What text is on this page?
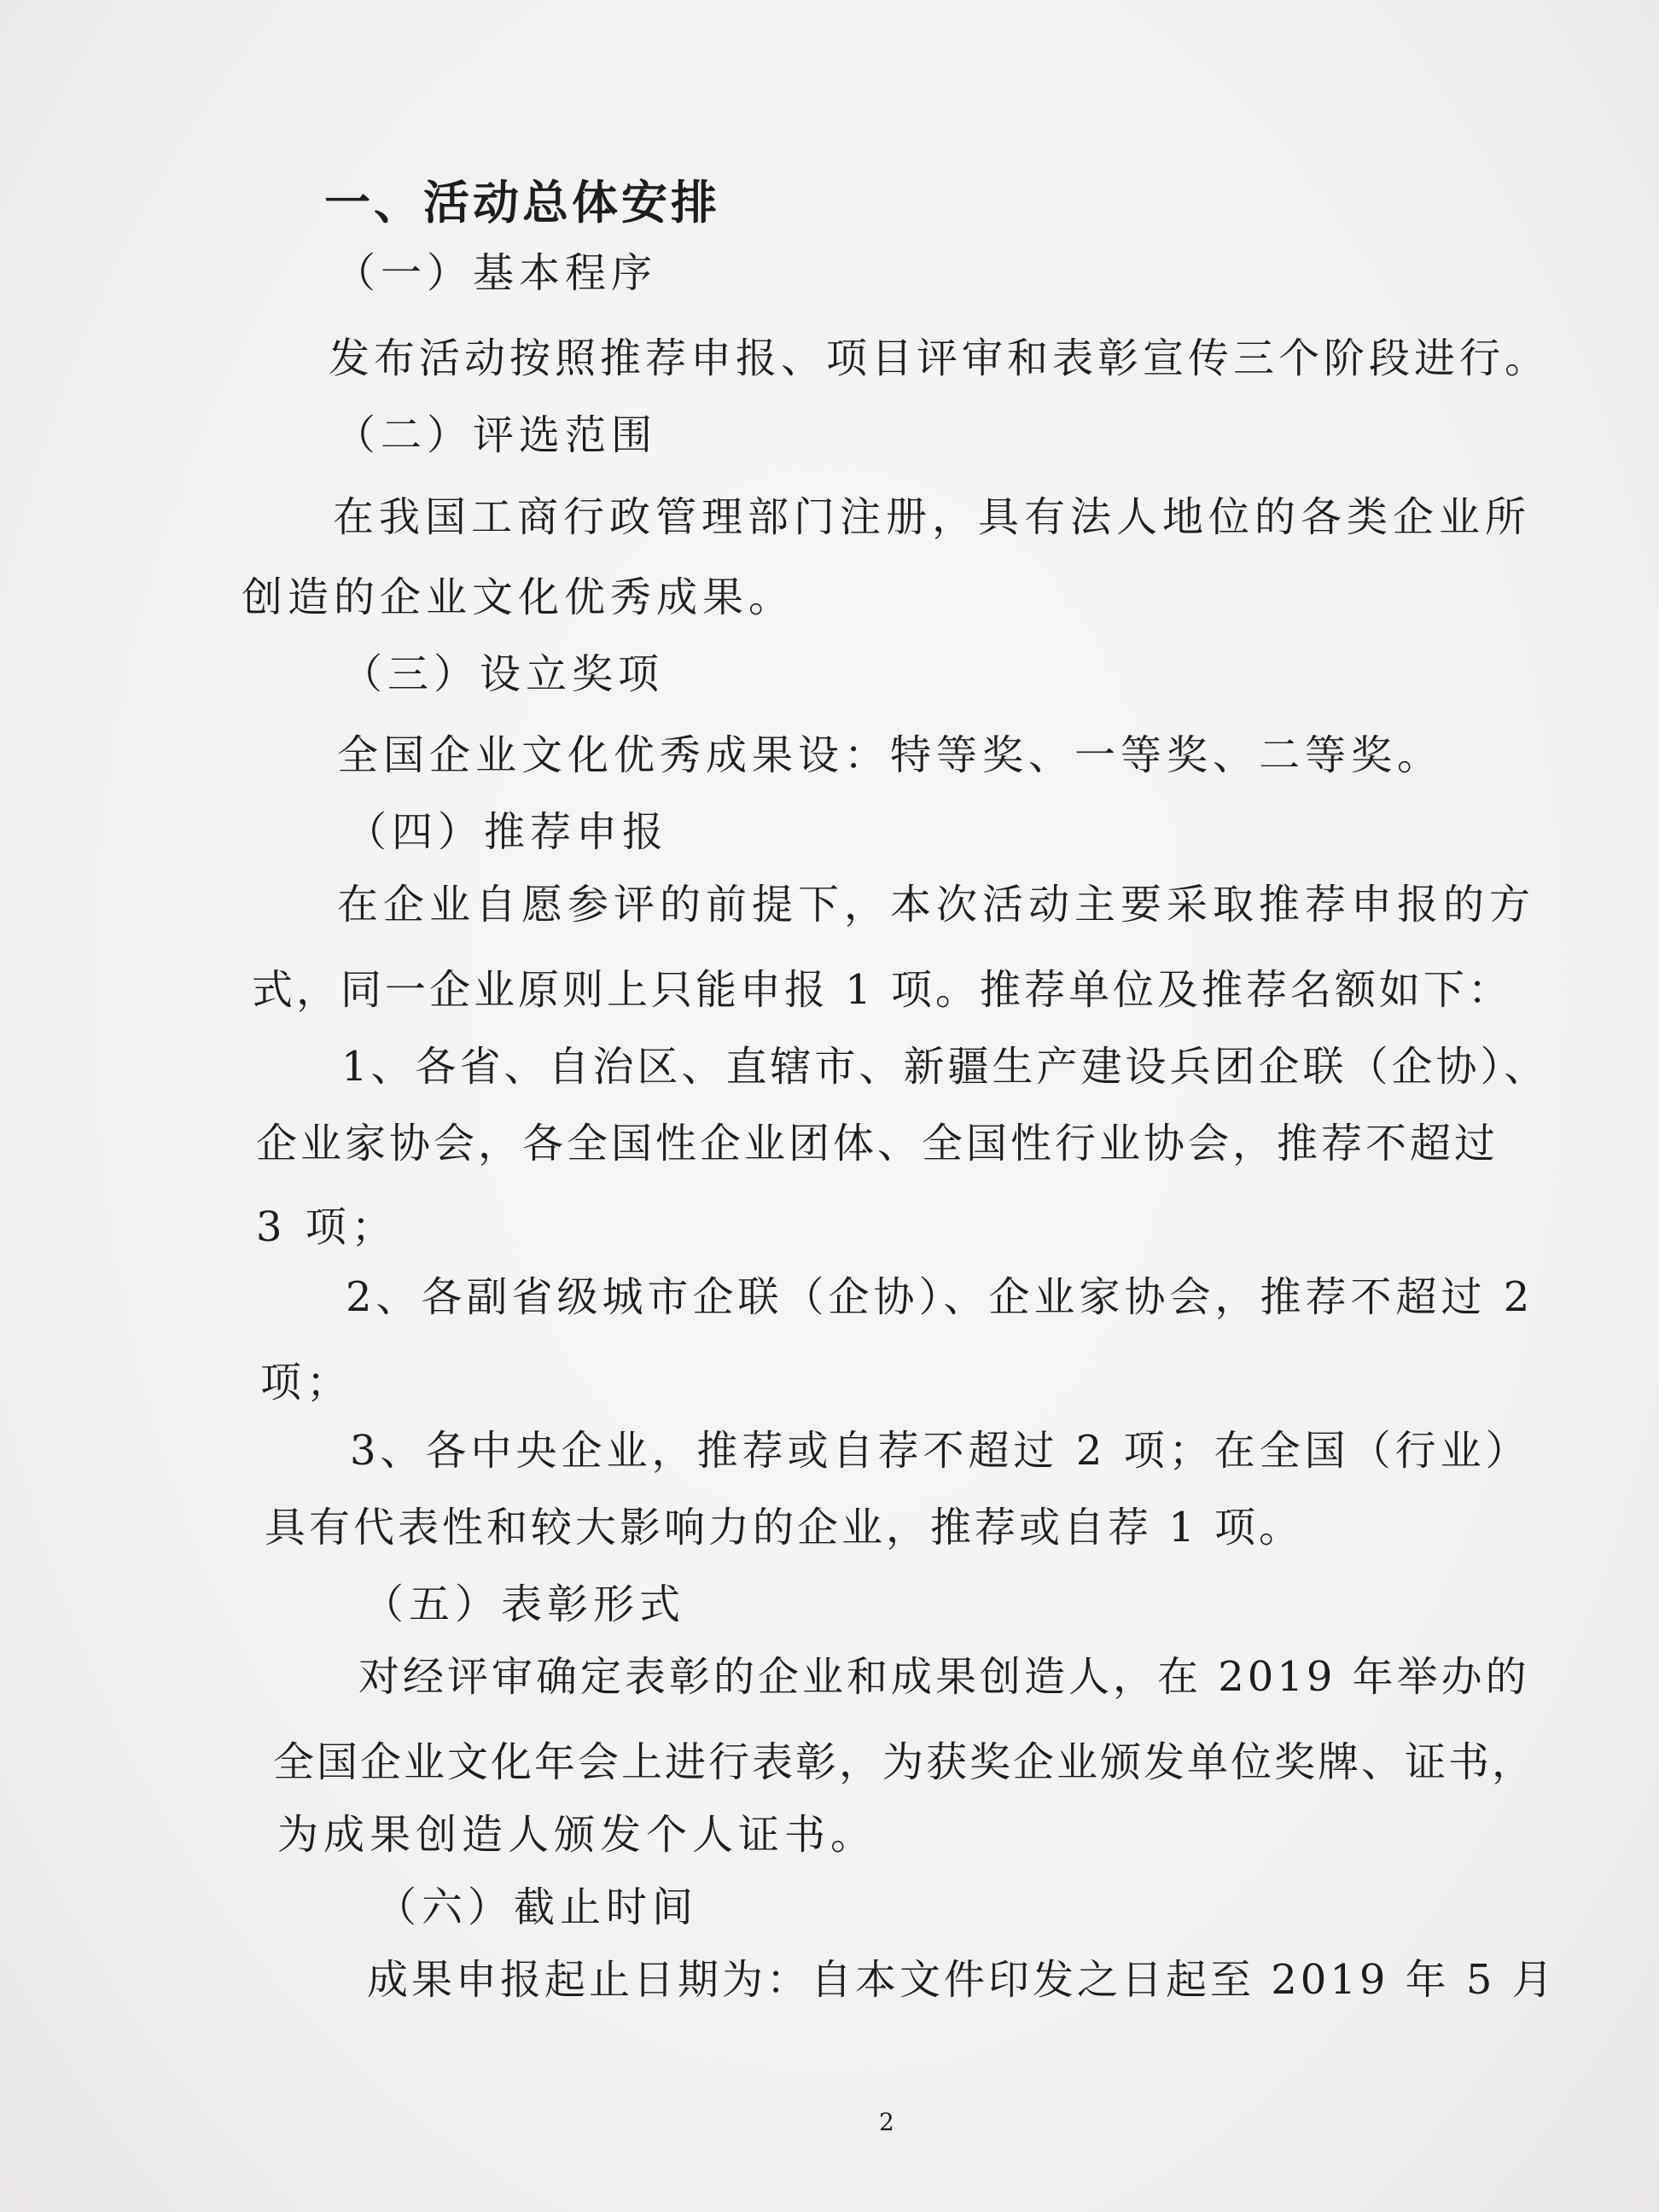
一、活动总体安排
（一）基本程序
发布活动按照推荐申报、项目评审和表彰宣传三个阶段进行。
（二）评选范围
在我国工商行政管理部门注册，具有法人地位的各类企业所
创造的企业文化优秀成果。
（三）设立奖项
全国企业文化优秀成果设：特等奖、一等奖、二等奖。
（四）推荐申报
在企业自愿参评的前提下，本次活动主要采取推荐申报的方
式，同一企业原则上只能申报 1 项。推荐单位及推荐名额如下：
1、各省、自治区、直辖市、新疆生产建设兵团企联（企协）、
企业家协会，各全国性企业团体、全国性行业协会，推荐不超过
3 项；
2、各副省级城市企联（企协）、企业家协会，推荐不超过 2
项；
3、各中央企业，推荐或自荐不超过 2 项；在全国（行业）
具有代表性和较大影响力的企业，推荐或自荐 1 项。
（五）表彰形式
对经评审确定表彰的企业和成果创造人，在 2019 年举办的
全国企业文化年会上进行表彰，为获奖企业颁发单位奖牌、证书，
为成果创造人颁发个人证书。
（六）截止时间
成果申报起止日期为：自本文件印发之日起至 2019 年 5 月
2
